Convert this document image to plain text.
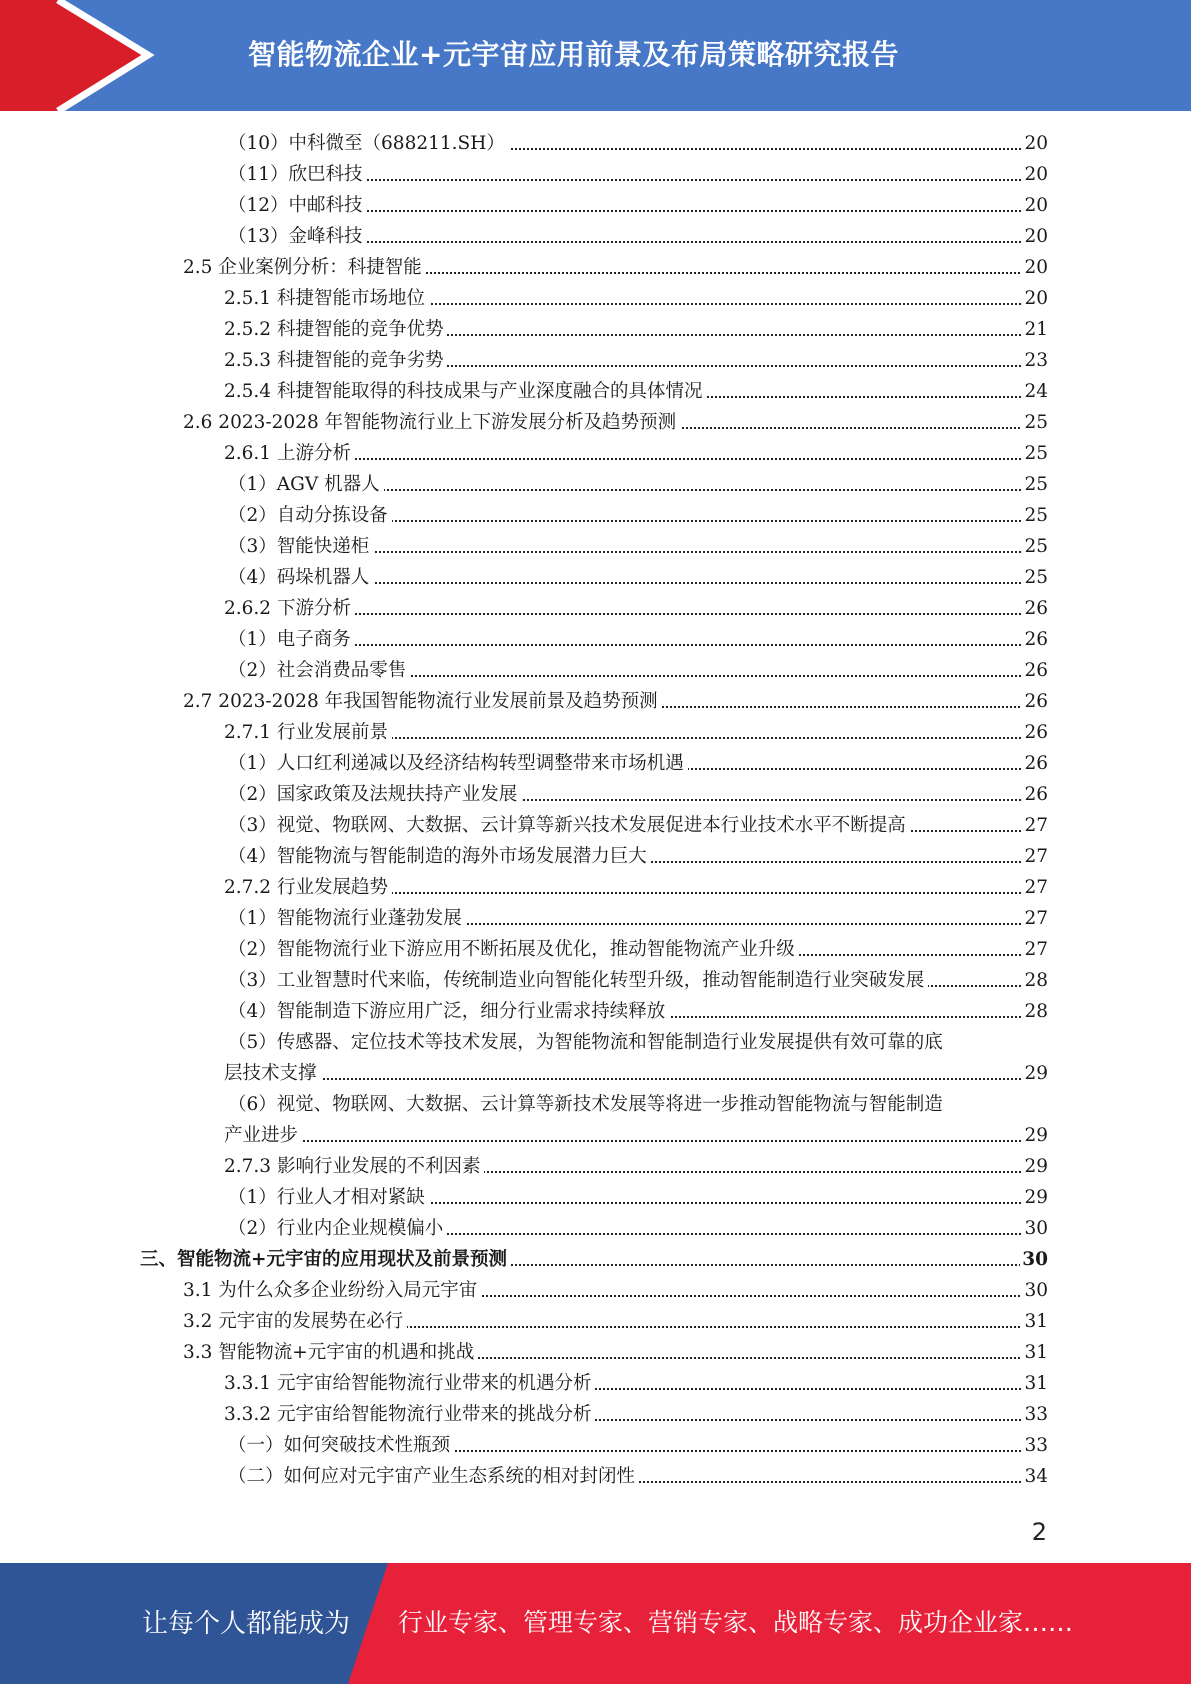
智能物流企业+元宇宙应用前景及布局策略研究报告
（10）中科微至（688211.SH）	20
（11）欣巴科技	20
（12）中邮科技	20
（13）金峰科技	20
2.5 企业案例分析：科捷智能	20
2.5.1 科捷智能市场地位	20
2.5.2 科捷智能的竞争优势	21
2.5.3 科捷智能的竞争劣势	23
2.5.4 科捷智能取得的科技成果与产业深度融合的具体情况	24
2.6 2023-2028 年智能物流行业上下游发展分析及趋势预测	25
2.6.1 上游分析	25
（1）AGV 机器人	25
（2）自动分拣设备	25
（3）智能快递柜	25
（4）码垛机器人	25
2.6.2 下游分析	26
（1）电子商务	26
（2）社会消费品零售	26
2.7 2023-2028 年我国智能物流行业发展前景及趋势预测	26
2.7.1 行业发展前景	26
（1）人口红利递减以及经济结构转型调整带来市场机遇	26
（2）国家政策及法规扶持产业发展	26
（3）视觉、物联网、大数据、云计算等新兴技术发展促进本行业技术水平不断提高	27
（4）智能物流与智能制造的海外市场发展潜力巨大	27
2.7.2 行业发展趋势	27
（1）智能物流行业蓬勃发展	27
（2）智能物流行业下游应用不断拓展及优化，推动智能物流产业升级	27
（3）工业智慧时代来临，传统制造业向智能化转型升级，推动智能制造行业突破发展	28
（4）智能制造下游应用广泛，细分行业需求持续释放	28
（5）传感器、定位技术等技术发展，为智能物流和智能制造行业发展提供有效可靠的底
层技术支撑	29
（6）视觉、物联网、大数据、云计算等新技术发展等将进一步推动智能物流与智能制造
产业进步	29
2.7.3 影响行业发展的不利因素	29
（1）行业人才相对紧缺	29
（2）行业内企业规模偏小	30
三、智能物流+元宇宙的应用现状及前景预测	30
3.1 为什么众多企业纷纷入局元宇宙	30
3.2 元宇宙的发展势在必行	31
3.3 智能物流+元宇宙的机遇和挑战	31
3.3.1 元宇宙给智能物流行业带来的机遇分析	31
3.3.2 元宇宙给智能物流行业带来的挑战分析	33
（一）如何突破技术性瓶颈	33
（二）如何应对元宇宙产业生态系统的相对封闭性	34
2
让每个人都能成为 行业专家、管理专家、营销专家、战略专家、成功企业家……
